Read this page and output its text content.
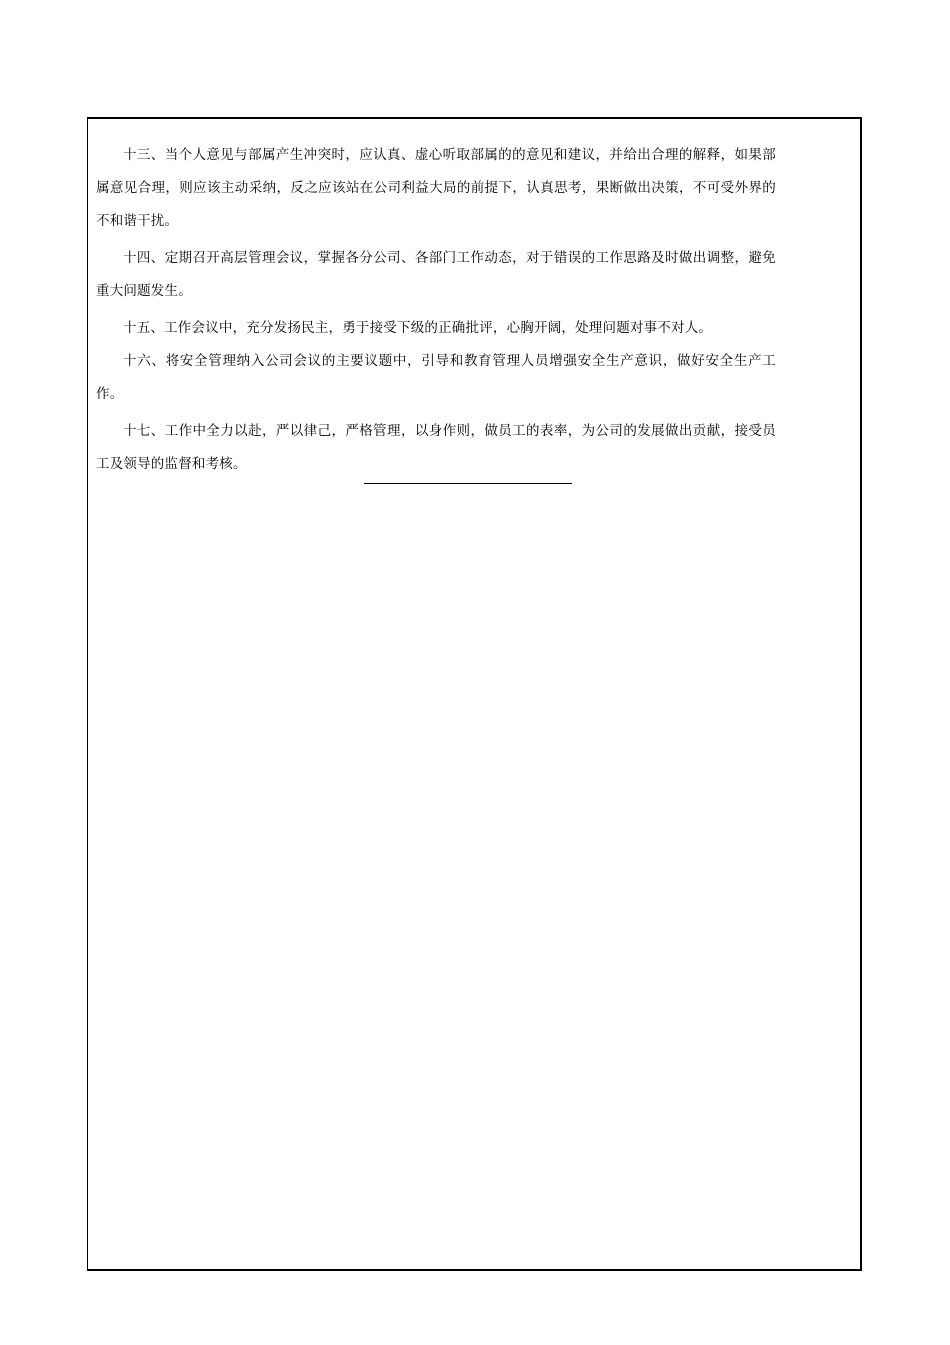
十三、当个人意见与部属产生冲突时，应认真、虚心听取部属的的意见和建议，并给出合理的解释，如果部属意见合理，则应该主动采纳，反之应该站在公司利益大局的前提下，认真思考，果断做出决策，不可受外界的不和谐干扰。

十四、定期召开高层管理会议，掌握各分公司、各部门工作动态，对于错误的工作思路及时做出调整，避免重大问题发生。

十五、工作会议中，充分发扬民主，勇于接受下级的正确批评，心胸开阔，处理问题对事不对人。

十六、将安全管理纳入公司会议的主要议题中，引导和教育管理人员增强安全生产意识，做好安全生产工作。

十七、工作中全力以赴，严以律己，严格管理，以身作则，做员工的表率，为公司的发展做出贡献，接受员工及领导的监督和考核。
